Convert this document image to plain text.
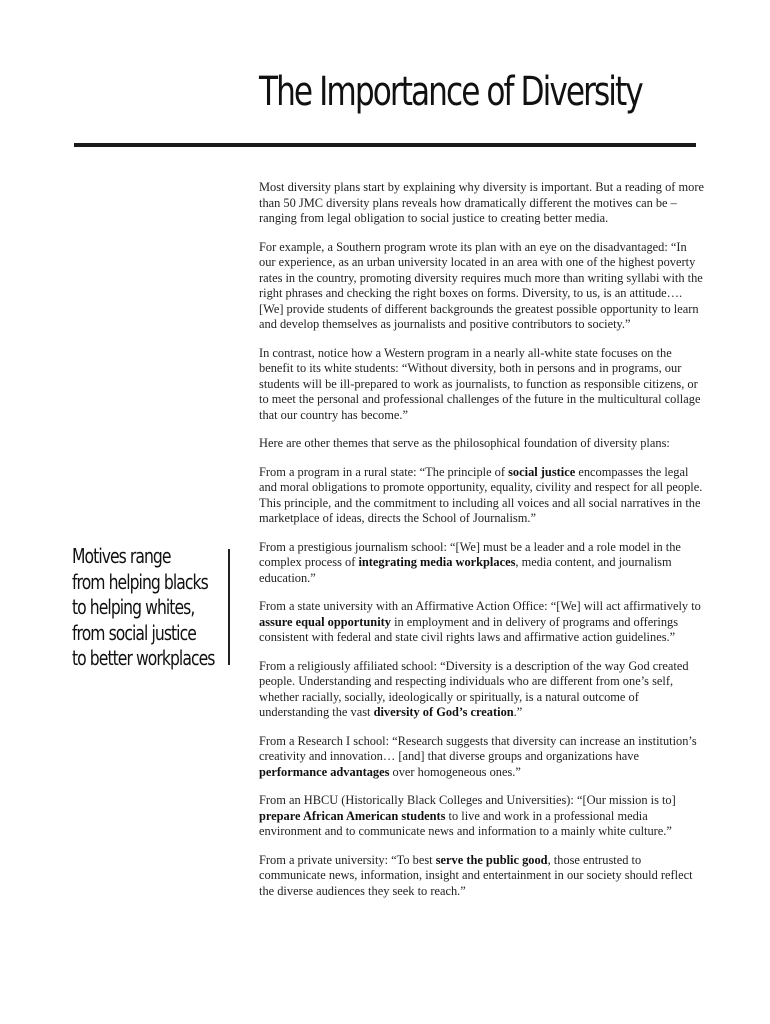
The Importance of Diversity
Motives range
from helping blacks
to helping whites,
from social justice
to better workplaces

Most diversity plans start by explaining why diversity is important. But a reading of more than 50 JMC diversity plans reveals how dramatically different the motives can be – ranging from legal obligation to social justice to creating better media.

For example, a Southern program wrote its plan with an eye on the disadvantaged: “In our experience, as an urban university located in an area with one of the highest poverty rates in the country, promoting diversity requires much more than writing syllabi with the right phrases and checking the right boxes on forms. Diversity, to us, is an attitude…. [We] provide students of different backgrounds the greatest possible opportunity to learn and develop themselves as journalists and positive contributors to society.”

In contrast, notice how a Western program in a nearly all-white state focuses on the benefit to its white students: “Without diversity, both in persons and in programs, our students will be ill-prepared to work as journalists, to function as responsible citizens, or to meet the personal and professional challenges of the future in the multicultural collage that our country has become.”

Here are other themes that serve as the philosophical foundation of diversity plans:

From a program in a rural state: “The principle of social justice encompasses the legal and moral obligations to promote opportunity, equality, civility and respect for all people. This principle, and the commitment to including all voices and all social narratives in the marketplace of ideas, directs the School of Journalism.”

From a prestigious journalism school: “[We] must be a leader and a role model in the complex process of integrating media workplaces, media content, and journalism education.”

From a state university with an Affirmative Action Office: “[We] will act affirmatively to assure equal opportunity in employment and in delivery of programs and offerings consistent with federal and state civil rights laws and affirmative action guidelines.”

From a religiously affiliated school: “Diversity is a description of the way God created people. Understanding and respecting individuals who are different from one’s self, whether racially, socially, ideologically or spiritually, is a natural outcome of understanding the vast diversity of God’s creation.”

From a Research I school: “Research suggests that diversity can increase an institution’s creativity and innovation… [and] that diverse groups and organizations have performance advantages over homogeneous ones.”

From an HBCU (Historically Black Colleges and Universities): “[Our mission is to] prepare African American students to live and work in a professional media environment and to communicate news and information to a mainly white culture.”

From a private university: “To best serve the public good, those entrusted to communicate news, information, insight and entertainment in our society should reflect the diverse audiences they seek to reach.”
